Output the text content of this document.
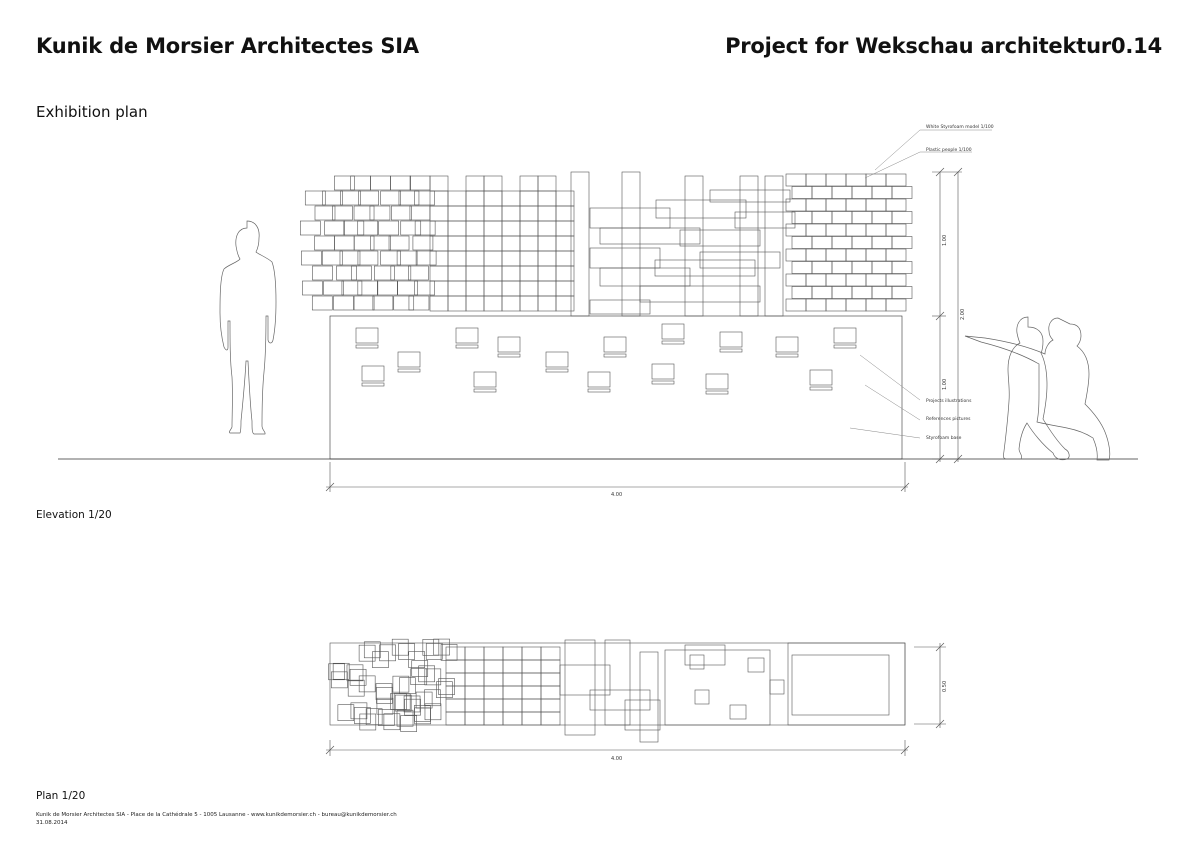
Kunik de Morsier Architectes SIA	Project for Wekschau architektur0.14
Exhibition plan
Elevation 1/20
Plan 1/20
Kunik de Morsier Architectes SIA - Place de la Cathédrale 5 - 1005 Lausanne - www.kunikdemorsier.ch - bureau@kunikdemorsier.ch
31.08.2014
White Styrofoam model 1/100
Plastic people 1/100
Projects illustrations
References pictures
Styrofoam base
4.00
4.00
1.00
1.00
2.00
0.50
